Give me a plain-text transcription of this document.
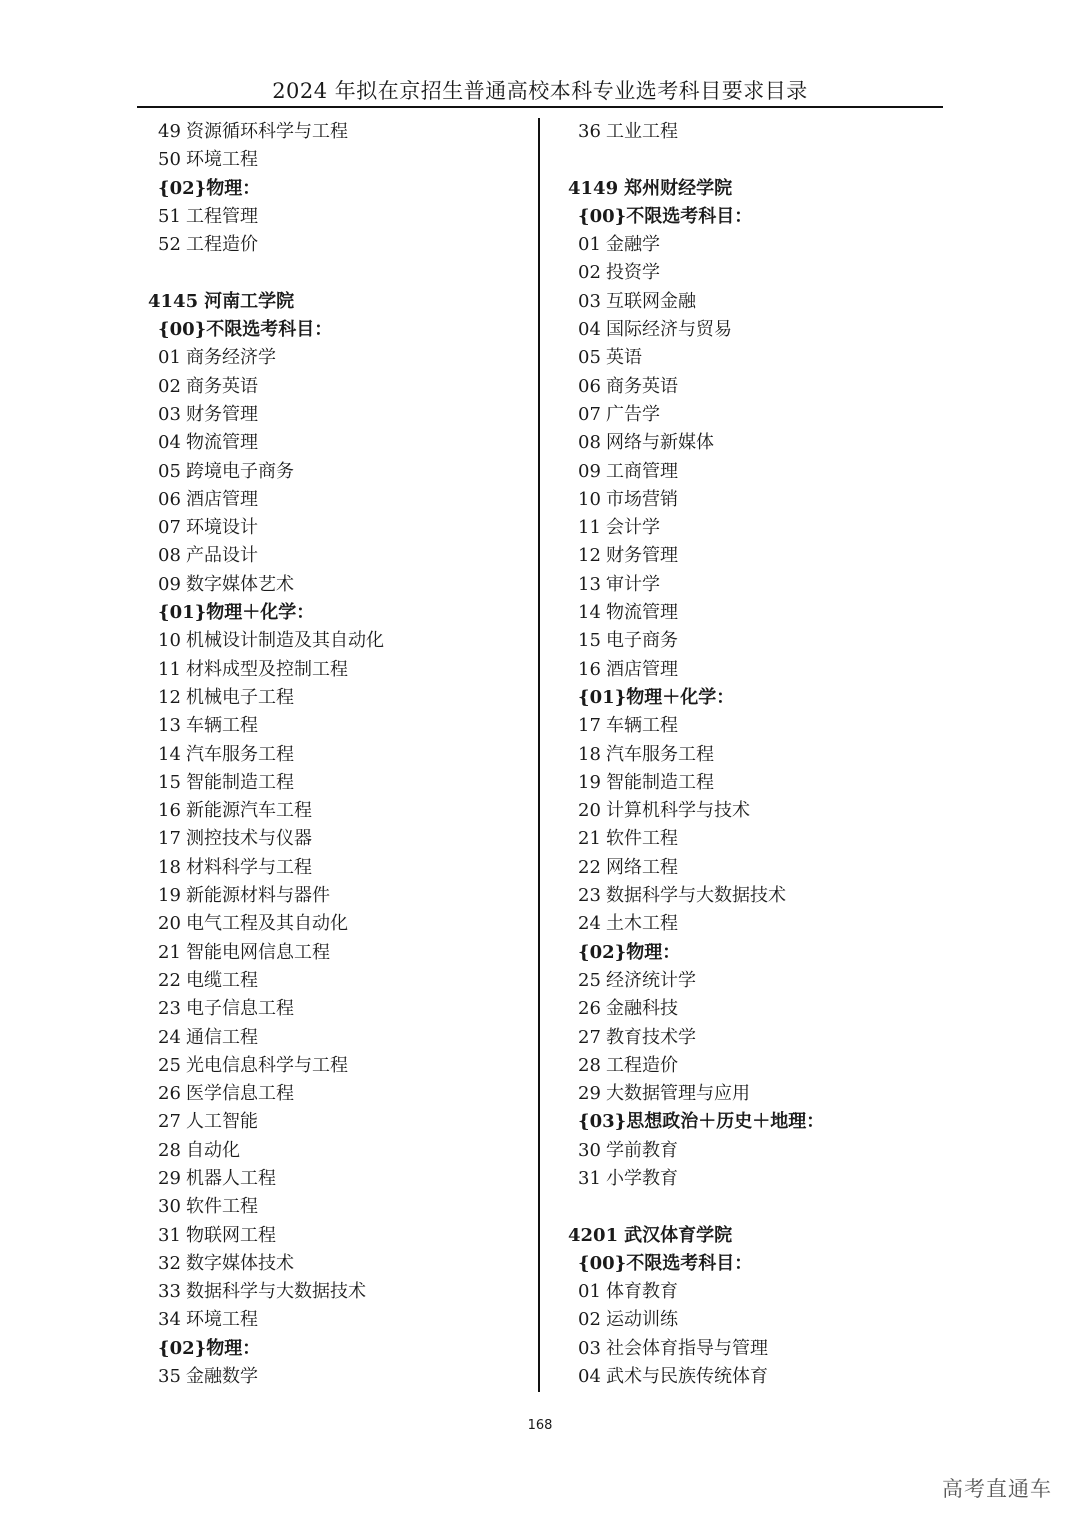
2024 年拟在京招生普通高校本科专业选考科目要求目录
49 资源循环科学与工程
50 环境工程
{02}物理：
51 工程管理
52 工程造价
4145 河南工学院
{00}不限选考科目：
01 商务经济学
02 商务英语
03 财务管理
04 物流管理
05 跨境电子商务
06 酒店管理
07 环境设计
08 产品设计
09 数字媒体艺术
{01}物理＋化学：
10 机械设计制造及其自动化
11 材料成型及控制工程
12 机械电子工程
13 车辆工程
14 汽车服务工程
15 智能制造工程
16 新能源汽车工程
17 测控技术与仪器
18 材料科学与工程
19 新能源材料与器件
20 电气工程及其自动化
21 智能电网信息工程
22 电缆工程
23 电子信息工程
24 通信工程
25 光电信息科学与工程
26 医学信息工程
27 人工智能
28 自动化
29 机器人工程
30 软件工程
31 物联网工程
32 数字媒体技术
33 数据科学与大数据技术
34 环境工程
{02}物理：
35 金融数学
36 工业工程
4149 郑州财经学院
{00}不限选考科目：
01 金融学
02 投资学
03 互联网金融
04 国际经济与贸易
05 英语
06 商务英语
07 广告学
08 网络与新媒体
09 工商管理
10 市场营销
11 会计学
12 财务管理
13 审计学
14 物流管理
15 电子商务
16 酒店管理
{01}物理＋化学：
17 车辆工程
18 汽车服务工程
19 智能制造工程
20 计算机科学与技术
21 软件工程
22 网络工程
23 数据科学与大数据技术
24 土木工程
{02}物理：
25 经济统计学
26 金融科技
27 教育技术学
28 工程造价
29 大数据管理与应用
{03}思想政治＋历史＋地理：
30 学前教育
31 小学教育
4201 武汉体育学院
{00}不限选考科目：
01 体育教育
02 运动训练
03 社会体育指导与管理
04 武术与民族传统体育
168
高考直通车
